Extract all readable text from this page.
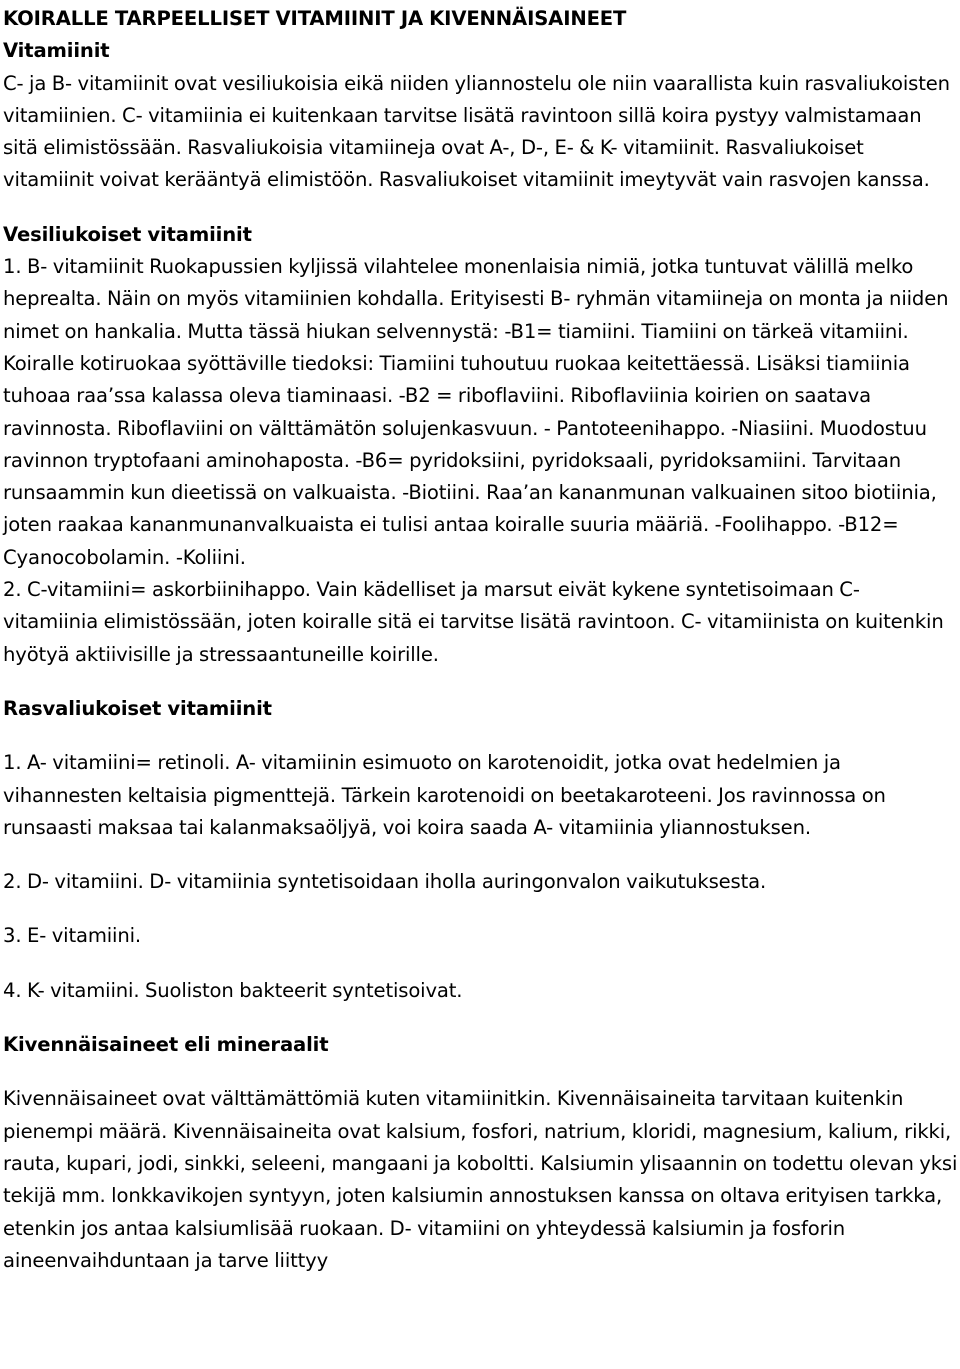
KOIRALLE TARPEELLISET VITAMIINIT JA KIVENNÄISAINEET
Vitamiinit

C- ja B- vitamiinit ovat vesiliukoisia eikä niiden yliannostelu ole niin vaarallista kuin rasvaliukoisten vitamiinien. C- vitamiinia ei kuitenkaan tarvitse lisätä ravintoon sillä koira pystyy valmistamaan sitä elimistössään. Rasvaliukoisia vitamiineja ovat A-, D-, E- & K- vitamiinit. Rasvaliukoiset vitamiinit voivat kerääntyä elimistöön. Rasvaliukoiset vitamiinit imeytyvät vain rasvojen kanssa.

Vesiliukoiset vitamiinit

1. B- vitamiinit Ruokapussien kyljissä vilahtelee monenlaisia nimiä, jotka tuntuvat välillä melko heprealta. Näin on myös vitamiinien kohdalla. Erityisesti B- ryhmän vitamiineja on monta ja niiden nimet on hankalia. Mutta tässä hiukan selvennystä: -B1= tiamiini. Tiamiini on tärkeä vitamiini. Koiralle kotiruokaa syöttäville tiedoksi: Tiamiini tuhoutuu ruokaa keitettäessä. Lisäksi tiamiinia tuhoaa raa’ssa kalassa oleva tiaminaasi. -B2 = riboflaviini. Riboflaviinia koirien on saatava ravinnosta. Riboflaviini on välttämätön solujenkasvuun. - Pantoteenihappo. -Niasiini. Muodostuu ravinnon tryptofaani aminohaposta. -B6= pyridoksiini, pyridoksaali, pyridoksamiini. Tarvitaan runsaammin kun dieetissä on valkuaista. -Biotiini. Raa’an kananmunan valkuainen sitoo biotiinia, joten raakaa kananmunanvalkuaista ei tulisi antaa koiralle suuria määriä. -Foolihappo. -B12= Cyanocobolamin. -Koliini.

2. C-vitamiini= askorbiinihappo. Vain kädelliset ja marsut eivät kykene syntetisoimaan C- vitamiinia elimistössään, joten koiralle sitä ei tarvitse lisätä ravintoon. C- vitamiinista on kuitenkin hyötyä aktiivisille ja stressaantuneille koirille.

Rasvaliukoiset vitamiinit

1. A- vitamiini= retinoli. A- vitamiinin esimuoto on karotenoidit, jotka ovat hedelmien ja vihannesten keltaisia pigmenttejä. Tärkein karotenoidi on beetakaroteeni. Jos ravinnossa on runsaasti maksaa tai kalanmaksaöljyä, voi koira saada A- vitamiinia yliannostuksen.

2. D- vitamiini. D- vitamiinia syntetisoidaan iholla auringonvalon vaikutuksesta.

3. E- vitamiini.

4. K- vitamiini. Suoliston bakteerit syntetisoivat.

Kivennäisaineet eli mineraalit

Kivennäisaineet ovat välttämättömiä kuten vitamiinitkin. Kivennäisaineita tarvitaan kuitenkin pienempi määrä. Kivennäisaineita ovat kalsium, fosfori, natrium, kloridi, magnesium, kalium, rikki, rauta, kupari, jodi, sinkki, seleeni, mangaani ja koboltti. Kalsiumin ylisaannin on todettu olevan yksi tekijä mm. lonkkavikojen syntyyn, joten kalsiumin annostuksen kanssa on oltava erityisen tarkka, etenkin jos antaa kalsiumlisää ruokaan. D- vitamiini on yhteydessä kalsiumin ja fosforin aineenvaihduntaan ja tarve liittyy
